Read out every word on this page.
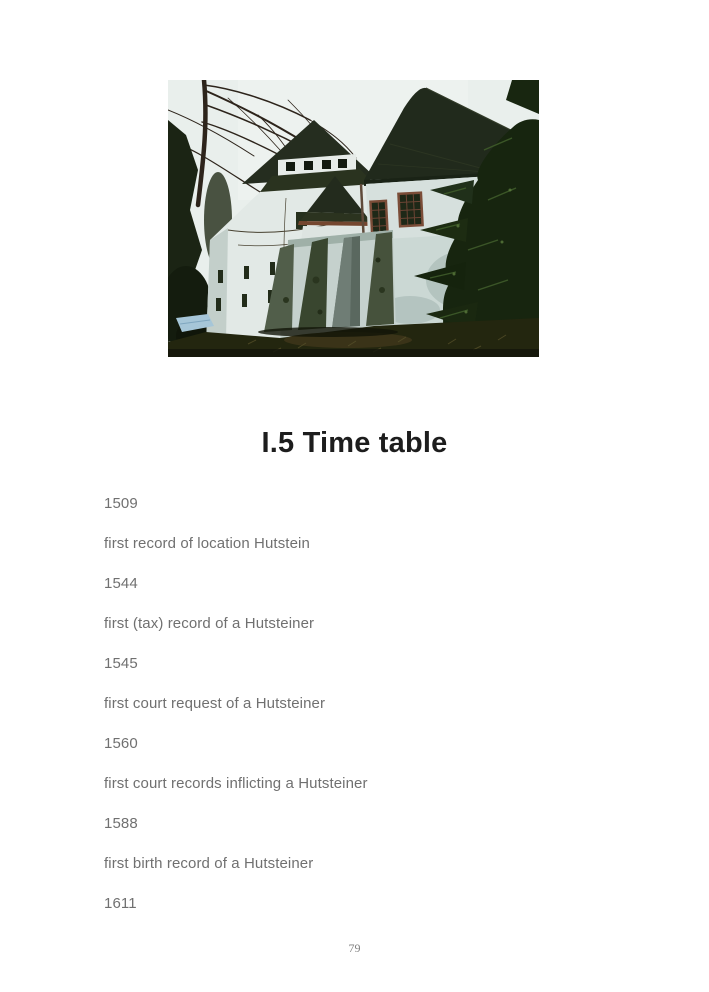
I.5 Time table

1509

first record of location Hutstein

1544

first (tax) record of a Hutsteiner

1545

first court request of a Hutsteiner

1560

first court records inflicting a Hutsteiner

1588

first birth record of a Hutsteiner

1611

79
